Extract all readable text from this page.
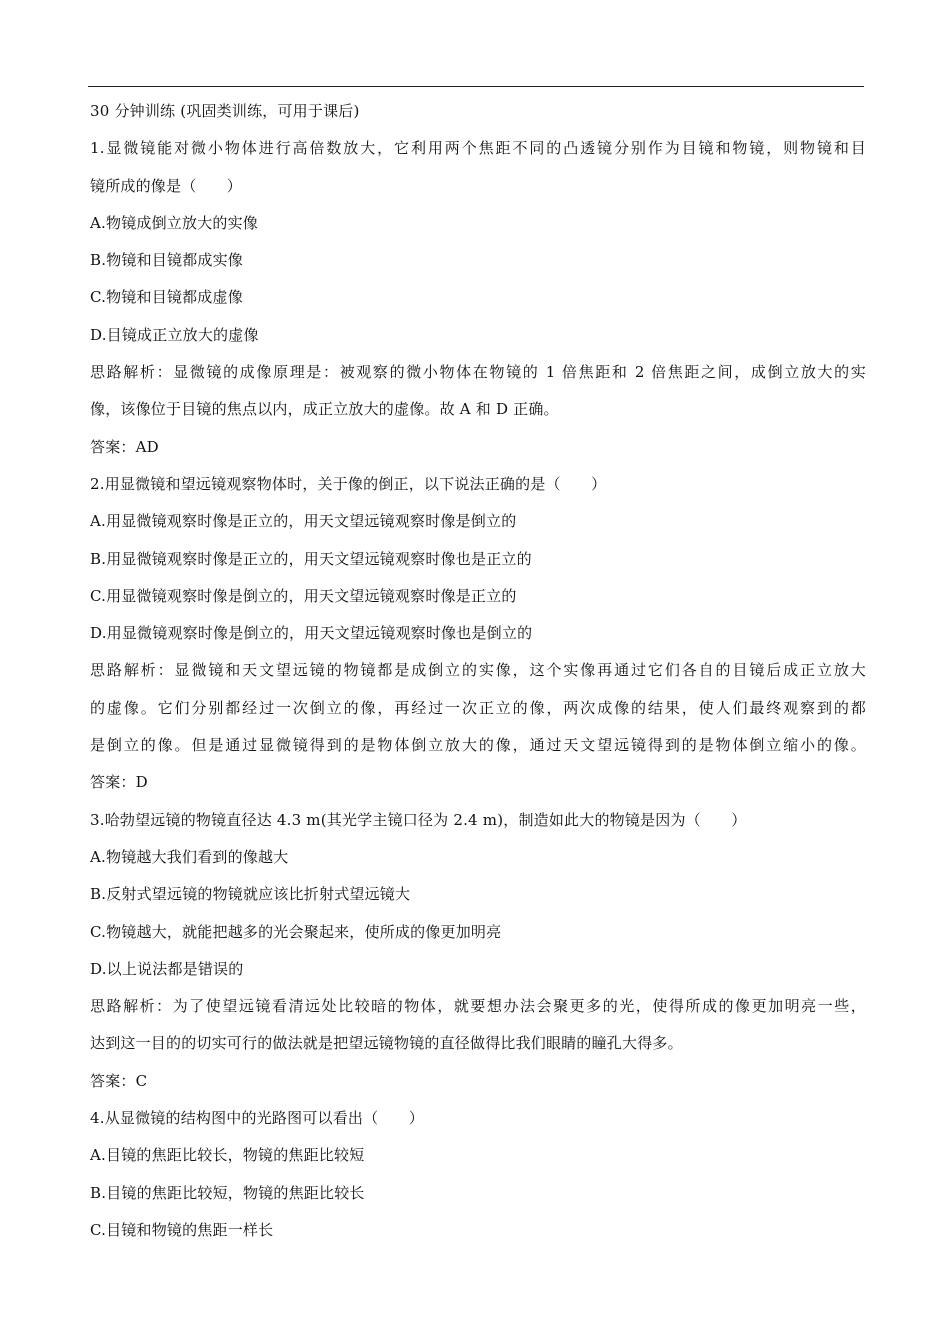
30 分钟训练 (巩固类训练，可用于课后)
1.显微镜能对微小物体进行高倍数放大，它利用两个焦距不同的凸透镜分别作为目镜和物镜，则物镜和目
镜所成的像是（　　）
A.物镜成倒立放大的实像
B.物镜和目镜都成实像
C.物镜和目镜都成虚像
D.目镜成正立放大的虚像
思路解析：显微镜的成像原理是：被观察的微小物体在物镜的 1 倍焦距和 2 倍焦距之间，成倒立放大的实
像，该像位于目镜的焦点以内，成正立放大的虚像。故 A 和 D 正确。
答案：AD
2.用显微镜和望远镜观察物体时，关于像的倒正，以下说法正确的是（　　）
A.用显微镜观察时像是正立的，用天文望远镜观察时像是倒立的
B.用显微镜观察时像是正立的，用天文望远镜观察时像也是正立的
C.用显微镜观察时像是倒立的，用天文望远镜观察时像是正立的
D.用显微镜观察时像是倒立的，用天文望远镜观察时像也是倒立的
思路解析：显微镜和天文望远镜的物镜都是成倒立的实像，这个实像再通过它们各自的目镜后成正立放大
的虚像。它们分别都经过一次倒立的像，再经过一次正立的像，两次成像的结果，使人们最终观察到的都
是倒立的像。但是通过显微镜得到的是物体倒立放大的像，通过天文望远镜得到的是物体倒立缩小的像。
答案：D
3.哈勃望远镜的物镜直径达 4.3 m(其光学主镜口径为 2.4 m)，制造如此大的物镜是因为（　　）
A.物镜越大我们看到的像越大
B.反射式望远镜的物镜就应该比折射式望远镜大
C.物镜越大，就能把越多的光会聚起来，使所成的像更加明亮
D.以上说法都是错误的
思路解析：为了使望远镜看清远处比较暗的物体，就要想办法会聚更多的光，使得所成的像更加明亮一些，
达到这一目的的切实可行的做法就是把望远镜物镜的直径做得比我们眼睛的瞳孔大得多。
答案：C
4.从显微镜的结构图中的光路图可以看出（　　）
A.目镜的焦距比较长，物镜的焦距比较短
B.目镜的焦距比较短，物镜的焦距比较长
C.目镜和物镜的焦距一样长
